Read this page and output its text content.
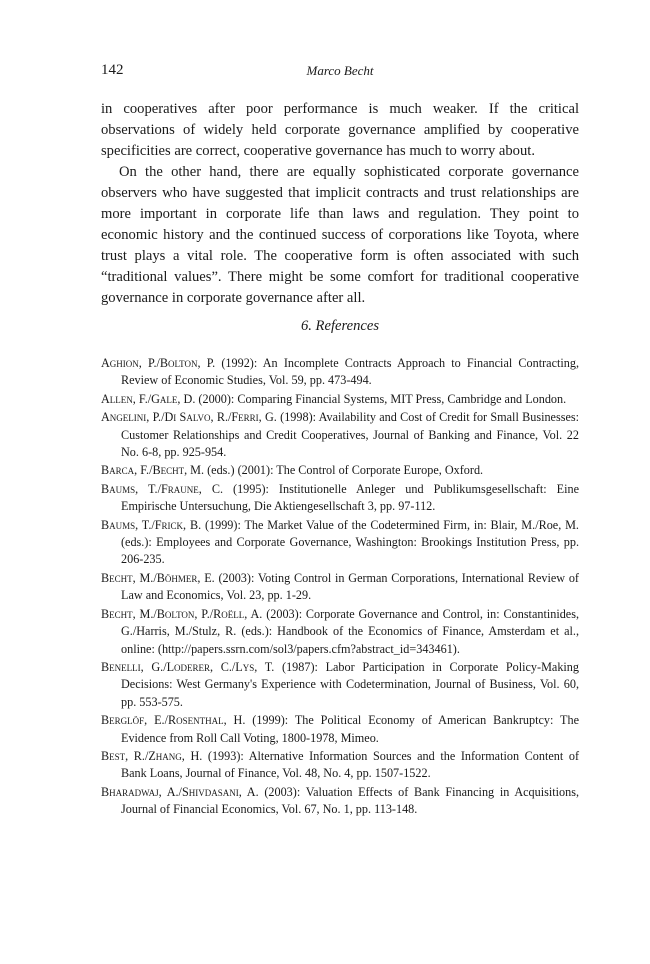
142	Marco Becht

in cooperatives after poor performance is much weaker. If the critical observations of widely held corporate governance amplified by cooperative specificities are correct, cooperative governance has much to worry about.

On the other hand, there are equally sophisticated corporate governance observers who have suggested that implicit contracts and trust relationships are more important in corporate life than laws and regulation. They point to economic history and the continued success of corporations like Toyota, where trust plays a vital role. The cooperative form is often associated with such “traditional values”. There might be some comfort for traditional cooperative governance in corporate governance after all.

6. References

Aghion, P./Bolton, P. (1992): An Incomplete Contracts Approach to Financial Contracting, Review of Economic Studies, Vol. 59, pp. 473-494.

Allen, F./Gale, D. (2000): Comparing Financial Systems, MIT Press, Cambridge and London.

Angelini, P./Di Salvo, R./Ferri, G. (1998): Availability and Cost of Credit for Small Businesses: Customer Relationships and Credit Cooperatives, Journal of Banking and Finance, Vol. 22 No. 6-8, pp. 925-954.

Barca, F./Becht, M. (eds.) (2001): The Control of Corporate Europe, Oxford.

Baums, T./Fraune, C. (1995): Institutionelle Anleger und Publikumsgesellschaft: Eine Empirische Untersuchung, Die Aktiengesellschaft 3, pp. 97-112.

Baums, T./Frick, B. (1999): The Market Value of the Codetermined Firm, in: Blair, M./Roe, M. (eds.): Employees and Corporate Governance, Washington: Brookings Institution Press, pp. 206-235.

Becht, M./Böhmer, E. (2003): Voting Control in German Corporations, International Review of Law and Economics, Vol. 23, pp. 1-29.

Becht, M./Bolton, P./Roëll, A. (2003): Corporate Governance and Control, in: Constantinides, G./Harris, M./Stulz, R. (eds.): Handbook of the Economics of Finance, Amsterdam et al., online: (http://papers.ssrn.com/sol3/papers.cfm?abstract_id=343461).

Benelli, G./Loderer, C./Lys, T. (1987): Labor Participation in Corporate Policy-Making Decisions: West Germany's Experience with Codetermination, Journal of Business, Vol. 60, pp. 553-575.

Berglöf, E./Rosenthal, H. (1999): The Political Economy of American Bankruptcy: The Evidence from Roll Call Voting, 1800-1978, Mimeo.

Best, R./Zhang, H. (1993): Alternative Information Sources and the Information Content of Bank Loans, Journal of Finance, Vol. 48, No. 4, pp. 1507-1522.

Bharadwaj, A./Shivdasani, A. (2003): Valuation Effects of Bank Financing in Acquisitions, Journal of Financial Economics, Vol. 67, No. 1, pp. 113-148.
